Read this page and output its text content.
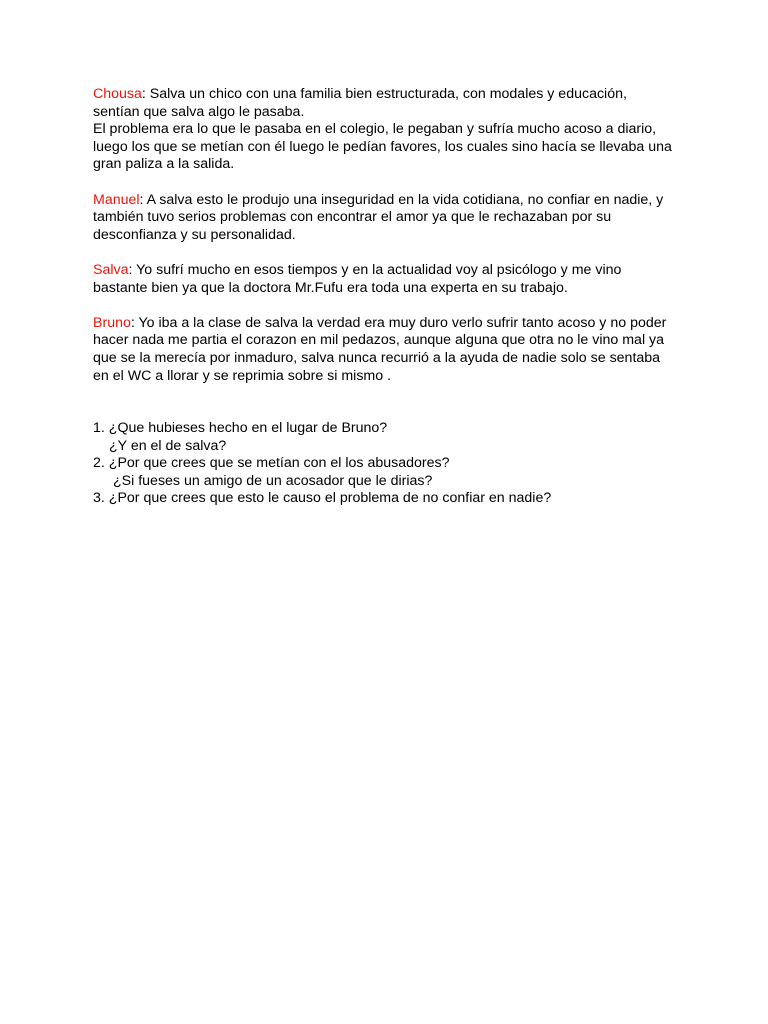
Chousa: Salva un chico con una familia bien estructurada, con modales y educación,
sentían que salva algo le pasaba.
El problema era lo que le pasaba en el colegio, le pegaban y sufría mucho acoso a diario,
luego los que se metían con él luego le pedían favores, los cuales sino hacía se llevaba una
gran paliza a la salida.

Manuel: A salva esto le produjo una inseguridad en la vida cotidiana, no confiar en nadie, y
también tuvo serios problemas con encontrar el amor ya que le rechazaban por su
desconfianza y su personalidad.

Salva: Yo sufrí mucho en esos tiempos y en la actualidad voy al psicólogo y me vino
bastante bien ya que la doctora Mr.Fufu era toda una experta en su trabajo.

Bruno: Yo iba a la clase de salva la verdad era muy duro verlo sufrir tanto acoso y no poder
hacer nada me partia el corazon en mil pedazos, aunque alguna que otra no le vino mal ya
que se la merecía por inmaduro, salva nunca recurrió a la ayuda de nadie solo se sentaba
en el WC a llorar y se reprimia sobre si mismo .

1. ¿Que hubieses hecho en el lugar de Bruno?

¿Y en el de salva?

2. ¿Por que crees que se metían con el los abusadores?

¿Si fueses un amigo de un acosador que le dirias?

3. ¿Por que crees que esto le causo el problema de no confiar en nadie?
